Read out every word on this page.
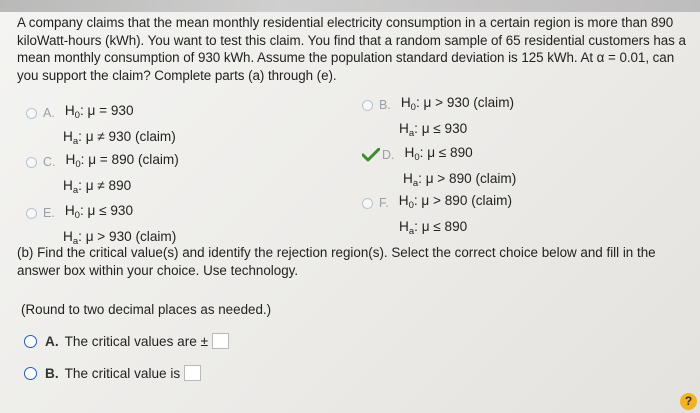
A company claims that the mean monthly residential electricity consumption in a certain region is more than 890 kiloWatt-hours (kWh). You want to test this claim. You find that a random sample of 65 residential customers has a mean monthly consumption of 930 kWh. Assume the population standard deviation is 125 kWh. At α = 0.01, can you support the claim? Complete parts (a) through (e).
A. $H_0$: μ = 930
$H_a$: μ ≠ 930 (claim)
B. $H_0$: μ > 930 (claim)
$H_a$: μ ≤ 930
C. $H_0$: μ = 890 (claim)
$H_a$: μ ≠ 890
D. $H_0$: μ ≤ 890
$H_a$: μ > 890 (claim)
E. $H_0$: μ ≤ 930
$H_a$: μ > 930 (claim)
F. $H_0$: μ > 890 (claim)
$H_a$: μ ≤ 890
(b) Find the critical value(s) and identify the rejection region(s). Select the correct choice below and fill in the answer box within your choice. Use technology.
(Round to two decimal places as needed.)
A. The critical values are ±
B. The critical value is
?
